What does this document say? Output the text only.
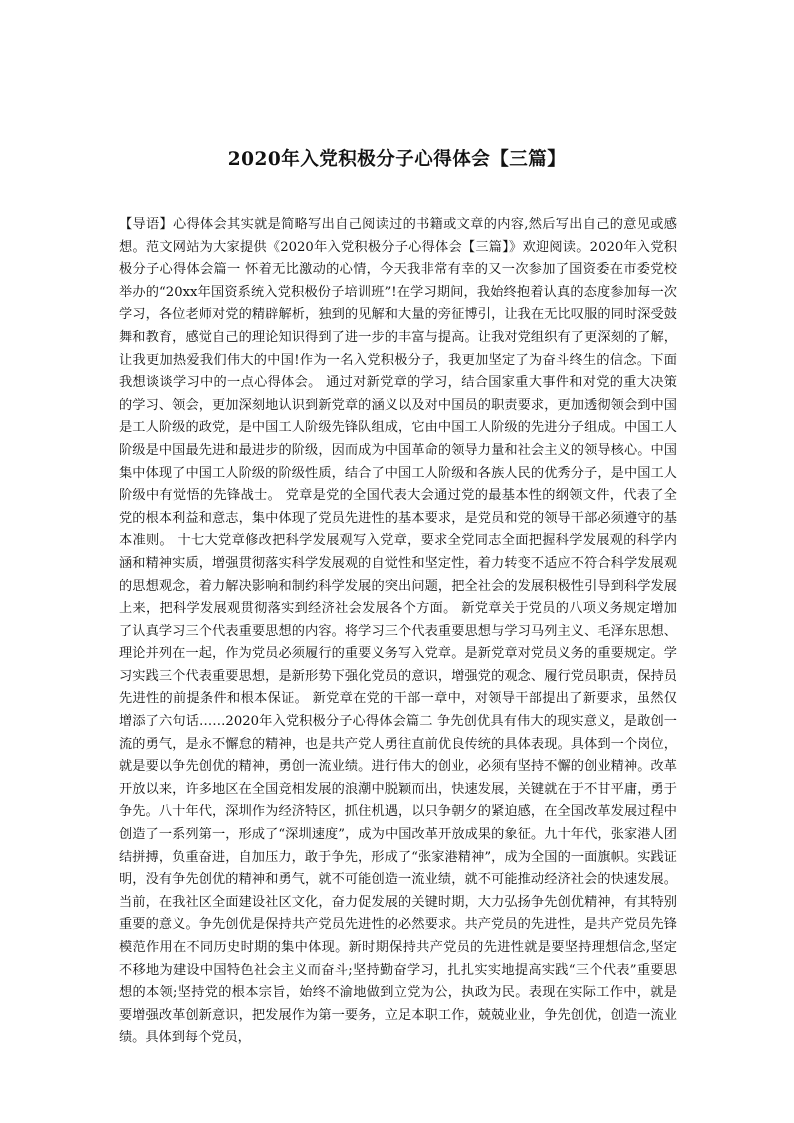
2020年入党积极分子心得体会【三篇】

【导语】心得体会其实就是简略写出自己阅读过的书籍或文章的内容,然后写出自己的意见或感想。范文网站为大家提供《2020年入党积极分子心得体会【三篇】》欢迎阅读。2020年入党积极分子心得体会篇一 怀着无比激动的心情，今天我非常有幸的又一次参加了国资委在市委党校举办的“20xx年国资系统入党积极份子培训班”!在学习期间，我始终抱着认真的态度参加每一次学习，各位老师对党的精辟解析，独到的见解和大量的旁征博引，让我在无比叹服的同时深受鼓舞和教育，感觉自己的理论知识得到了进一步的丰富与提高。让我对党组织有了更深刻的了解，让我更加热爱我们伟大的中国!作为一名入党积极分子，我更加坚定了为奋斗终生的信念。下面我想谈谈学习中的一点心得体会。 通过对新党章的学习，结合国家重大事件和对党的重大决策的学习、领会，更加深刻地认识到新党章的涵义以及对中国员的职责要求，更加透彻领会到中国是工人阶级的政党，是中国工人阶级先锋队组成，它由中国工人阶级的先进分子组成。中国工人阶级是中国最先进和最进步的阶级，因而成为中国革命的领导力量和社会主义的领导核心。中国集中体现了中国工人阶级的阶级性质，结合了中国工人阶级和各族人民的优秀分子，是中国工人阶级中有觉悟的先锋战士。 党章是党的全国代表大会通过党的最基本性的纲领文件，代表了全党的根本利益和意志，集中体现了党员先进性的基本要求，是党员和党的领导干部必须遵守的基本准则。 十七大党章修改把科学发展观写入党章，要求全党同志全面把握科学发展观的科学内涵和精神实质，增强贯彻落实科学发展观的自觉性和坚定性，着力转变不适应不符合科学发展观的思想观念，着力解决影响和制约科学发展的突出问题，把全社会的发展积极性引导到科学发展上来，把科学发展观贯彻落实到经济社会发展各个方面。 新党章关于党员的八项义务规定增加了认真学习三个代表重要思想的内容。将学习三个代表重要思想与学习马列主义、毛泽东思想、理论并列在一起，作为党员必须履行的重要义务写入党章。是新党章对党员义务的重要规定。学习实践三个代表重要思想，是新形势下强化党员的意识，增强党的观念、履行党员职责，保持员先进性的前提条件和根本保证。 新党章在党的干部一章中，对领导干部提出了新要求，虽然仅增添了六句话……2020年入党积极分子心得体会篇二 争先创优具有伟大的现实意义，是敢创一流的勇气，是永不懈怠的精神，也是共产党人勇往直前优良传统的具体表现。具体到一个岗位，就是要以争先创优的精神，勇创一流业绩。进行伟大的创业，必须有坚持不懈的创业精神。改革开放以来，许多地区在全国竞相发展的浪潮中脱颖而出，快速发展，关键就在于不甘平庸，勇于争先。八十年代，深圳作为经济特区，抓住机遇，以只争朝夕的紧迫感，在全国改革发展过程中创造了一系列第一，形成了“深圳速度”，成为中国改革开放成果的象征。九十年代，张家港人团结拼搏，负重奋进，自加压力，敢于争先，形成了“张家港精神”，成为全国的一面旗帜。实践证明，没有争先创优的精神和勇气，就不可能创造一流业绩，就不可能推动经济社会的快速发展。当前，在我社区全面建设社区文化，奋力促发展的关键时期，大力弘扬争先创优精神，有其特别重要的意义。争先创优是保持共产党员先进性的必然要求。共产党员的先进性，是共产党员先锋模范作用在不同历史时期的集中体现。新时期保持共产党员的先进性就是要坚持理想信念,坚定不移地为建设中国特色社会主义而奋斗;坚持勤奋学习，扎扎实实地提高实践“三个代表”重要思想的本领;坚持党的根本宗旨，始终不渝地做到立党为公，执政为民。表现在实际工作中，就是要增强改革创新意识，把发展作为第一要务，立足本职工作，兢兢业业，争先创优，创造一流业绩。具体到每个党员，
